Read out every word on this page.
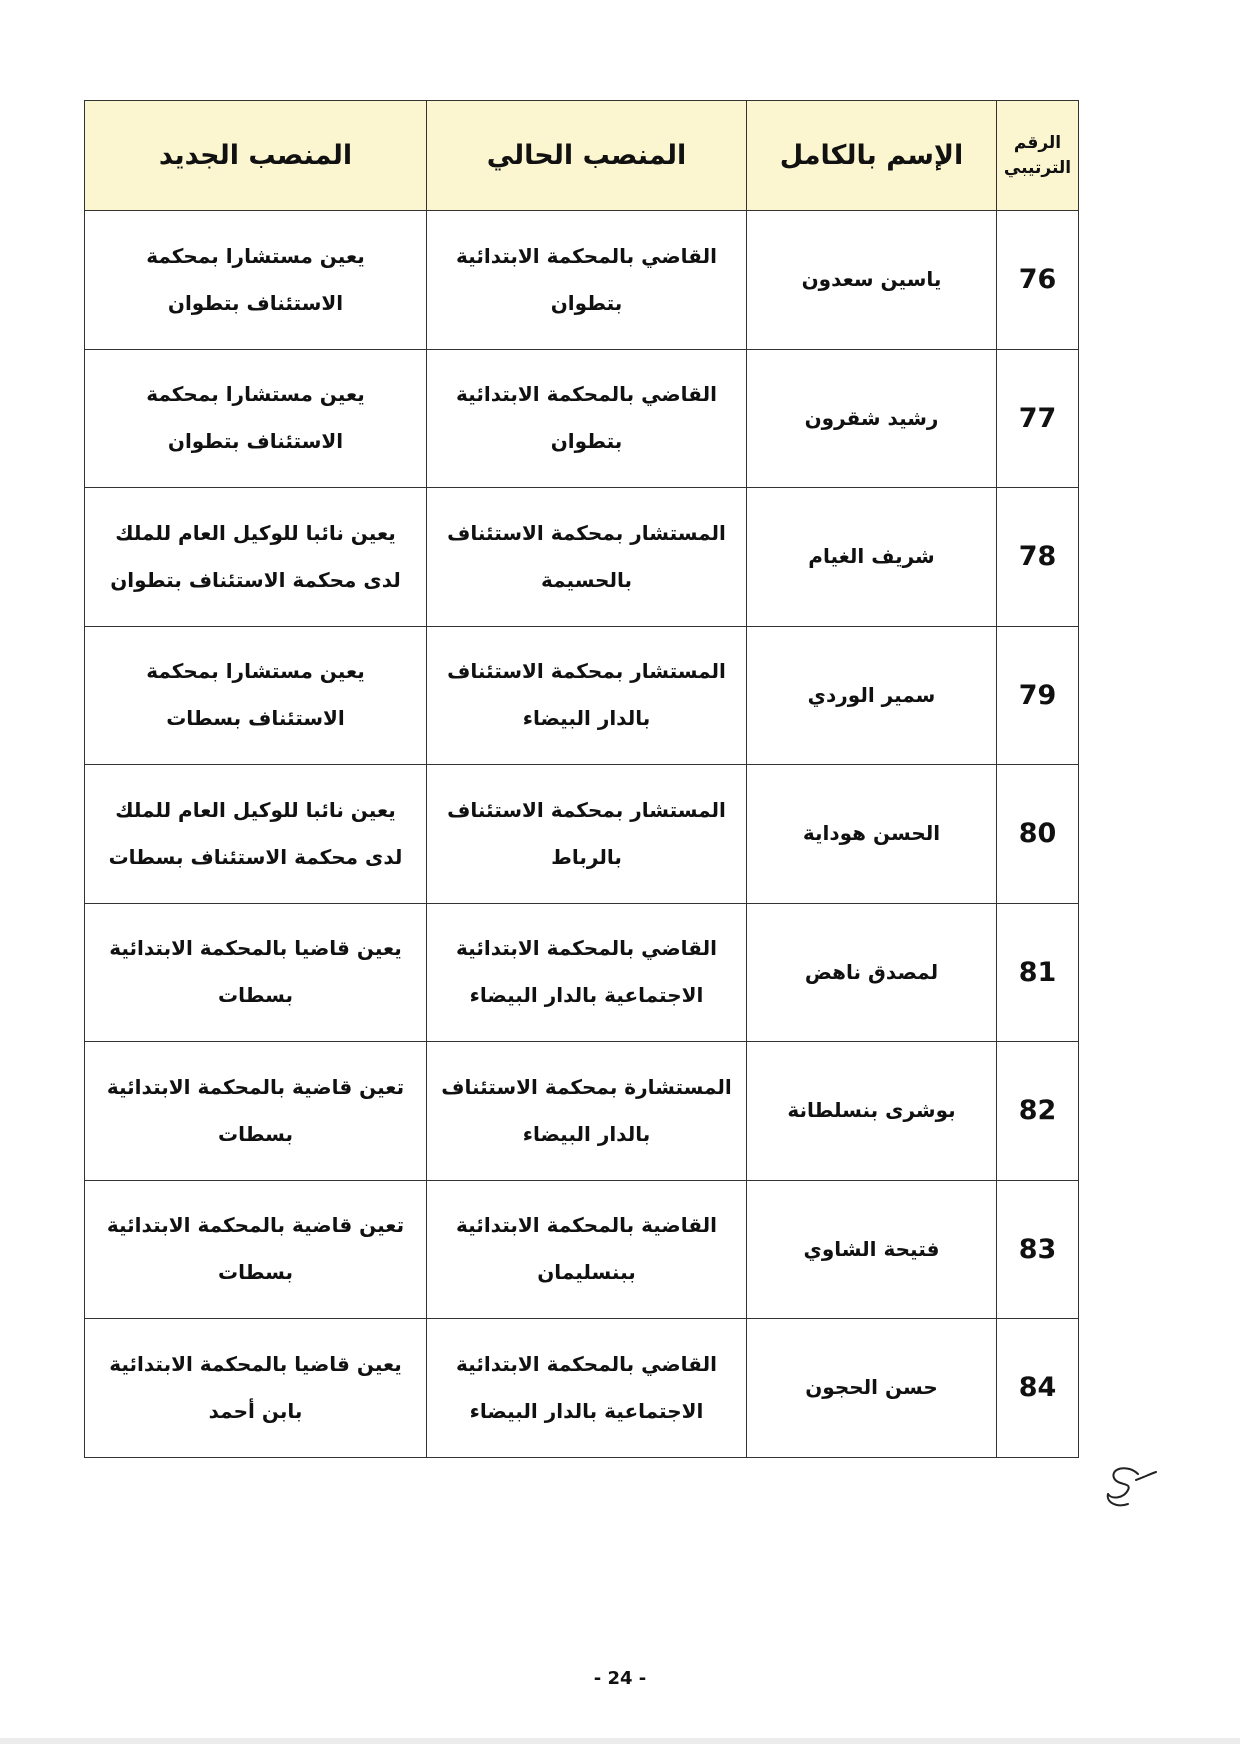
الرقم الترتيبي	الإسم بالكامل	المنصب الحالي	المنصب الجديد
76	ياسين سعدون	القاضي بالمحكمة الابتدائية بتطوان	يعين مستشارا بمحكمة الاستئناف بتطوان
77	رشيد شقرون	القاضي بالمحكمة الابتدائية بتطوان	يعين مستشارا بمحكمة الاستئناف بتطوان
78	شريف الغيام	المستشار بمحكمة الاستئناف بالحسيمة	يعين نائبا للوكيل العام للملك لدى محكمة الاستئناف بتطوان
79	سمير الوردي	المستشار بمحكمة الاستئناف بالدار البيضاء	يعين مستشارا بمحكمة الاستئناف بسطات
80	الحسن هوداية	المستشار بمحكمة الاستئناف بالرباط	يعين نائبا للوكيل العام للملك لدى محكمة الاستئناف بسطات
81	لمصدق ناهض	القاضي بالمحكمة الابتدائية الاجتماعية بالدار البيضاء	يعين قاضيا بالمحكمة الابتدائية بسطات
82	بوشرى بنسلطانة	المستشارة بمحكمة الاستئناف بالدار البيضاء	تعين قاضية بالمحكمة الابتدائية بسطات
83	فتيحة الشاوي	القاضية بالمحكمة الابتدائية ببنسليمان	تعين قاضية بالمحكمة الابتدائية بسطات
84	حسن الحجون	القاضي بالمحكمة الابتدائية الاجتماعية بالدار البيضاء	يعين قاضيا بالمحكمة الابتدائية بابن أحمد
- 24 -
